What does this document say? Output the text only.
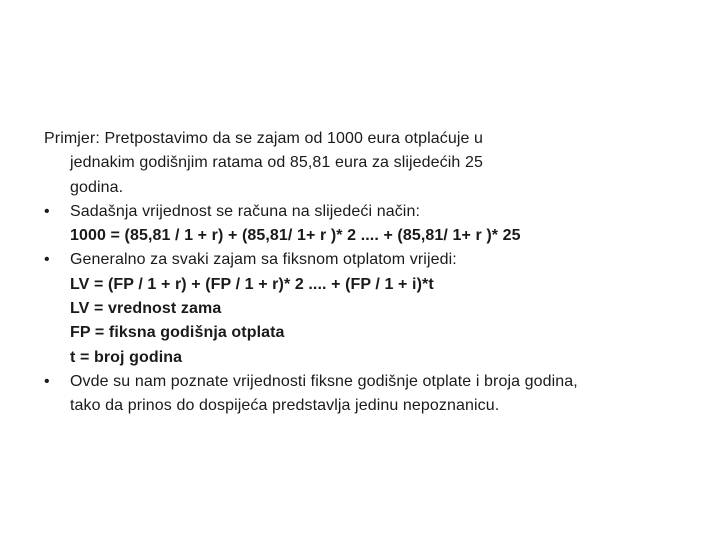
Primjer: Pretpostavimo da se zajam od 1000 eura otplaćuje u
jednakim godišnjim ratama od 85,81 eura za slijedećih 25
godina.
•	Sadašnja vrijednost se računa na slijedeći način:
1000 = (85,81 / 1 + r) + (85,81/ 1+ r )* 2 .... + (85,81/ 1+ r )* 25
•	Generalno za svaki zajam sa fiksnom otplatom vrijedi:
LV = (FP / 1 + r) + (FP / 1 + r)* 2 .... + (FP / 1 + i)*t
LV = vrednost zama
FP = fiksna godišnja otplata
t = broj godina
•	Ovde su nam poznate vrijednosti fiksne godišnje otplate i broja godina,
tako da prinos do dospijeća predstavlja jedinu nepoznanicu.
